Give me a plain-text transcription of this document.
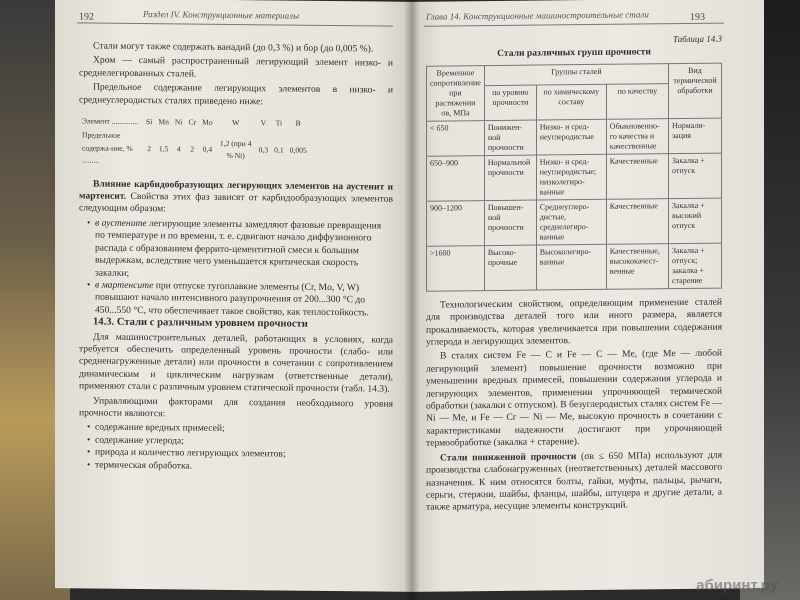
Раздел IV. Конструкционные материалы
192

Стали могут также содержать ванадий (до 0,3 %) и бор (до 0,005 %).

Хром — самый распространенный легирующий элемент низко- и среднелегированных сталей.

Предельное содержание легирующих элементов в низко- и среднеуглеродистых сталях приведено ниже:

Элемент ..............	Si	Mn	Ni	Cr	Mo	W	V	Ti	B
Предельное содержа-ние, % .........	2	1,5	4	2	0,4	1,2 (при 4 % Ni)	0,3	0,1	0,005

Влияние карбидообразующих легирующих элементов на аустенит и мартенсит. Свойства этих фаз зависят от карбидообразующих элементов следующим образом:

• в аустените легирующие элементы замедляют фазовые превращения по температуре и по времени, т. е. сдвигают начало диффузионного распада с образованием феррито-цементитной смеси к большим выдержкам, вследствие чего уменьшается критическая скорость закалки;
• в мартенсите при отпуске тугоплавкие элементы (Cr, Mo, V, W) повышают начало интенсивного разупрочнения от 200...300 °C до 450...550 °C, что обеспечивает такое свойство, как теплостойкость.

14.3. Стали с различным уровнем прочности

Для машиностроительных деталей, работающих в условиях, когда требуется обеспечить определенный уровень прочности (слабо- или средненагруженные детали) или прочности в сочетании с сопротивлением динамическим и циклическим нагрузкам (ответственные детали), применяют стали с различным уровнем статической прочности (табл. 14.3).

Управляющими факторами для создания необходимого уровня прочности являются:

• содержание вредных примесей;
• содержание углерода;
• природа и количество легирующих элементов;
• термическая обработка.
Глава 14. Конструкционные машиностроительные стали	193
Таблица 14.3
Стали различных групп прочности
Временное сопротивление при растяжении σв, МПа	Группы сталей			Вид термической обработки
	по уровню прочности	по химическому составу	по качеству	
< 650	Понижен-ной прочности	Низко- и сред-неуглеродистые	Обыкновенно-го качества и качественные	Нормали-зация
650–900	Нормальной прочности	Низко- и сред-неуглеродистые; низколегиро-ванные	Качественные	Закалка + отпуск
900–1200	Повышен-ной прочности	Среднеуглеро-дистые, среднелегиро-ванные	Качественные	Закалка + высокий отпуск
>1600	Высоко-прочные	Высоколегиро-ванные	Качественные, высококачест-венные	Закалка + отпуск; закалка + старение

Технологическим свойством, определяющим применение сталей для производства деталей того или иного размера, является прокаливаемость, которая увеличивается при повышении содержания углерода и легирующих элементов.

В сталях систем Fe — C и Fe — C — Me, (где Me — любой легирующий элемент) повышение прочности возможно при уменьшении вредных примесей, повышении содержания углерода и легирующих элементов, применении упрочняющей термической обработки (закалки с отпуском). В безуглеродистых сталях систем Fe — Ni — Me, и Fe — Cr — Ni — Me, высокую прочность в сочетании с характеристиками надежности достигают при упрочняющей термообработке (закалка + старение).

Стали пониженной прочности (σв ≤ 650 МПа) используют для производства слабонагруженных (неответственных) деталей массового назначения. К ним относятся болты, гайки, муфты, пальцы, рычаги, серьги, стержни, шайбы, фланцы, шайбы, штуцера и другие детали, а также арматура, несущие элементы конструкций.

абиринт.ру
